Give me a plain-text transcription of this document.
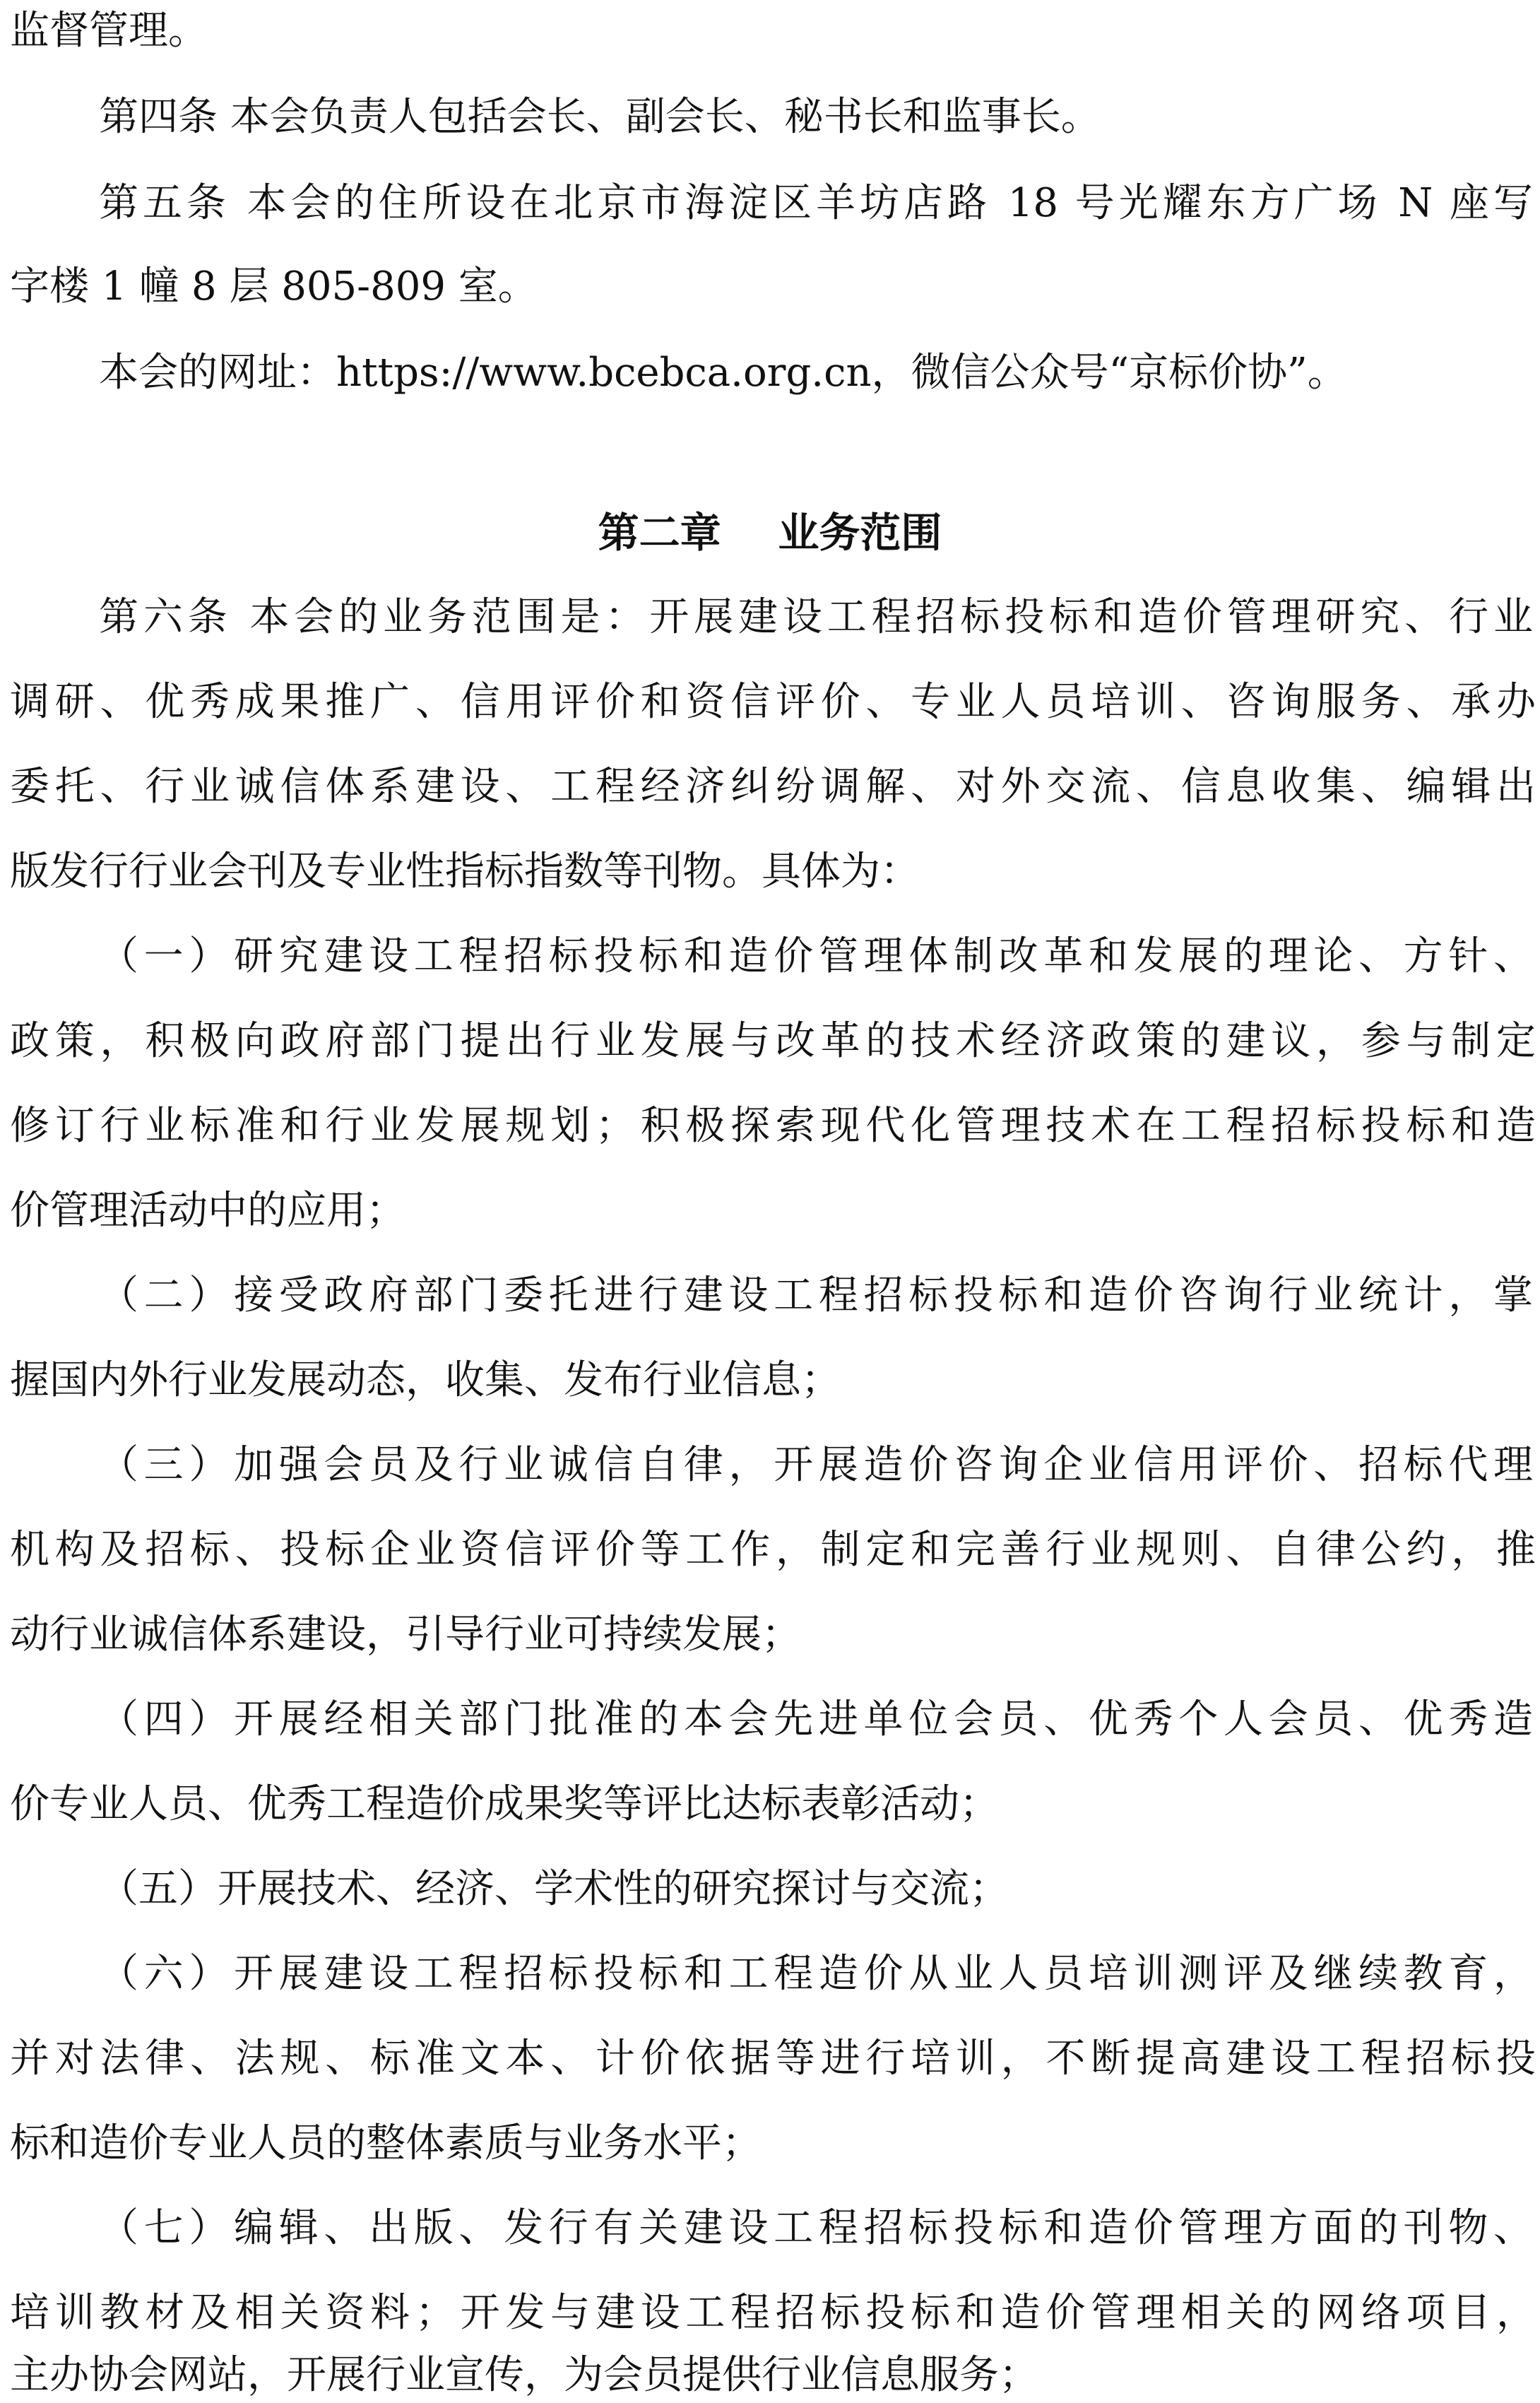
监督管理。
第四条 本会负责人包括会长、副会长、秘书长和监事长。
第五条 本会的住所设在北京市海淀区羊坊店路 18 号光耀东方广场 N 座写
字楼 1 幢 8 层 805-809 室。
本会的网址：https://www.bcebca.org.cn，微信公众号“京标价协”。
第二章    业务范围
第六条 本会的业务范围是：开展建设工程招标投标和造价管理研究、行业
调研、优秀成果推广、信用评价和资信评价、专业人员培训、咨询服务、承办
委托、行业诚信体系建设、工程经济纠纷调解、对外交流、信息收集、编辑出
版发行行业会刊及专业性指标指数等刊物。具体为：
（一）研究建设工程招标投标和造价管理体制改革和发展的理论、方针、
政策，积极向政府部门提出行业发展与改革的技术经济政策的建议，参与制定
修订行业标准和行业发展规划；积极探索现代化管理技术在工程招标投标和造
价管理活动中的应用；
（二）接受政府部门委托进行建设工程招标投标和造价咨询行业统计，掌
握国内外行业发展动态，收集、发布行业信息；
（三）加强会员及行业诚信自律，开展造价咨询企业信用评价、招标代理
机构及招标、投标企业资信评价等工作，制定和完善行业规则、自律公约，推
动行业诚信体系建设，引导行业可持续发展；
（四）开展经相关部门批准的本会先进单位会员、优秀个人会员、优秀造
价专业人员、优秀工程造价成果奖等评比达标表彰活动；
（五）开展技术、经济、学术性的研究探讨与交流；
（六）开展建设工程招标投标和工程造价从业人员培训测评及继续教育，
并对法律、法规、标准文本、计价依据等进行培训，不断提高建设工程招标投
标和造价专业人员的整体素质与业务水平；
（七）编辑、出版、发行有关建设工程招标投标和造价管理方面的刊物、
培训教材及相关资料；开发与建设工程招标投标和造价管理相关的网络项目，
主办协会网站，开展行业宣传，为会员提供行业信息服务；
